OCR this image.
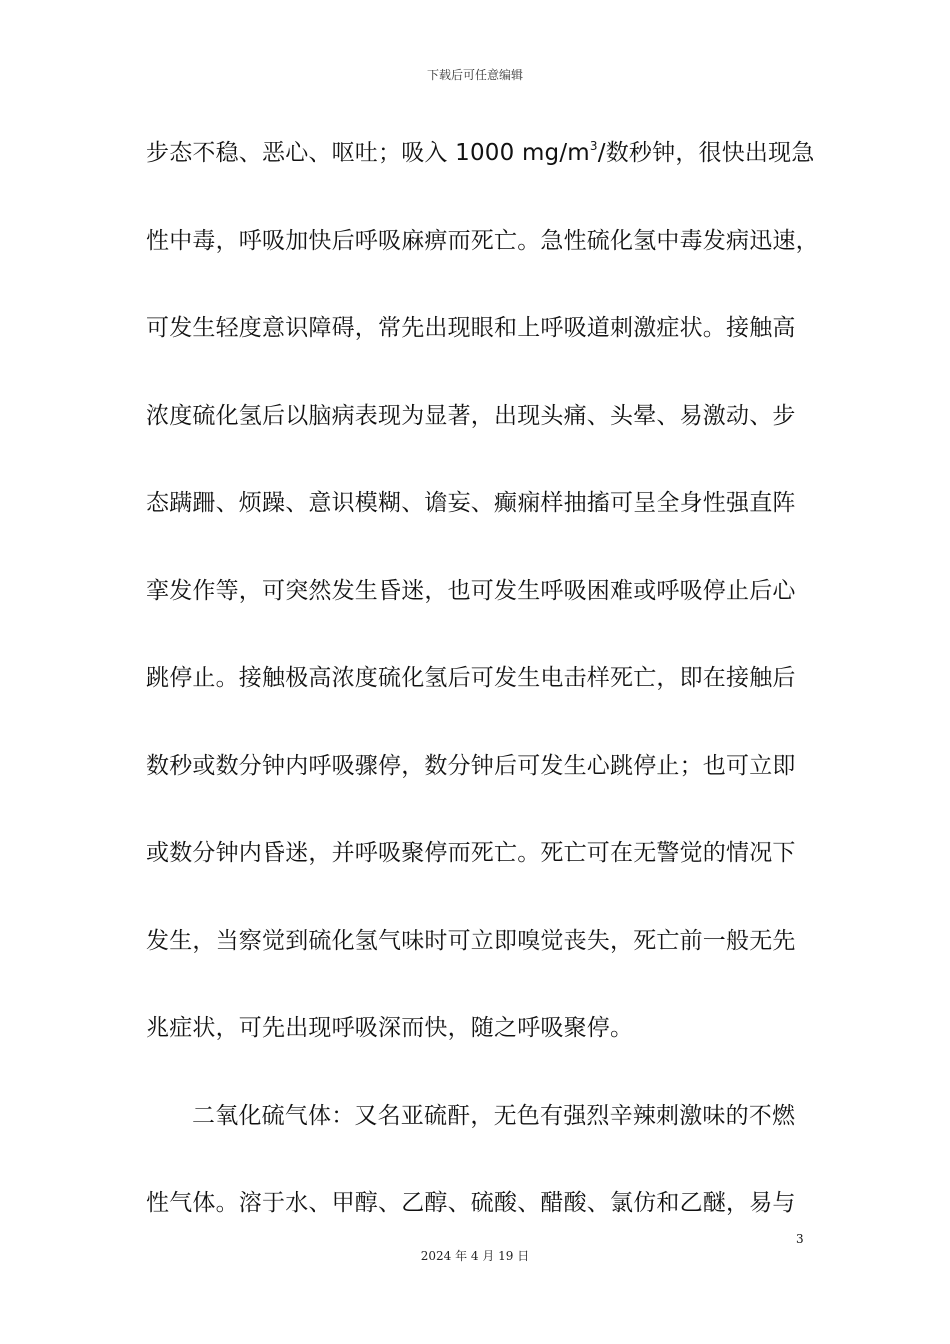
下载后可任意编辑
步态不稳、恶心、呕吐；吸入 1000 $mg/m^3/$数秒钟，很快出现急
性中毒，呼吸加快后呼吸麻痹而死亡。急性硫化氢中毒发病迅速，
可发生轻度意识障碍，常先出现眼和上呼吸道刺激症状。接触高
浓度硫化氢后以脑病表现为显著，出现头痛、头晕、易激动、步
态蹒跚、烦躁、意识模糊、谵妄、癫痫样抽搐可呈全身性强直阵
挛发作等，可突然发生昏迷，也可发生呼吸困难或呼吸停止后心
跳停止。接触极高浓度硫化氢后可发生电击样死亡，即在接触后
数秒或数分钟内呼吸骤停，数分钟后可发生心跳停止；也可立即
或数分钟内昏迷，并呼吸聚停而死亡。死亡可在无警觉的情况下
发生，当察觉到硫化氢气味时可立即嗅觉丧失，死亡前一般无先
兆症状，可先出现呼吸深而快，随之呼吸聚停。
二氧化硫气体：又名亚硫酐，无色有强烈辛辣刺激味的不燃
性气体。溶于水、甲醇、乙醇、硫酸、醋酸、氯仿和乙醚，易与
3
2024 年 4 月 19 日
